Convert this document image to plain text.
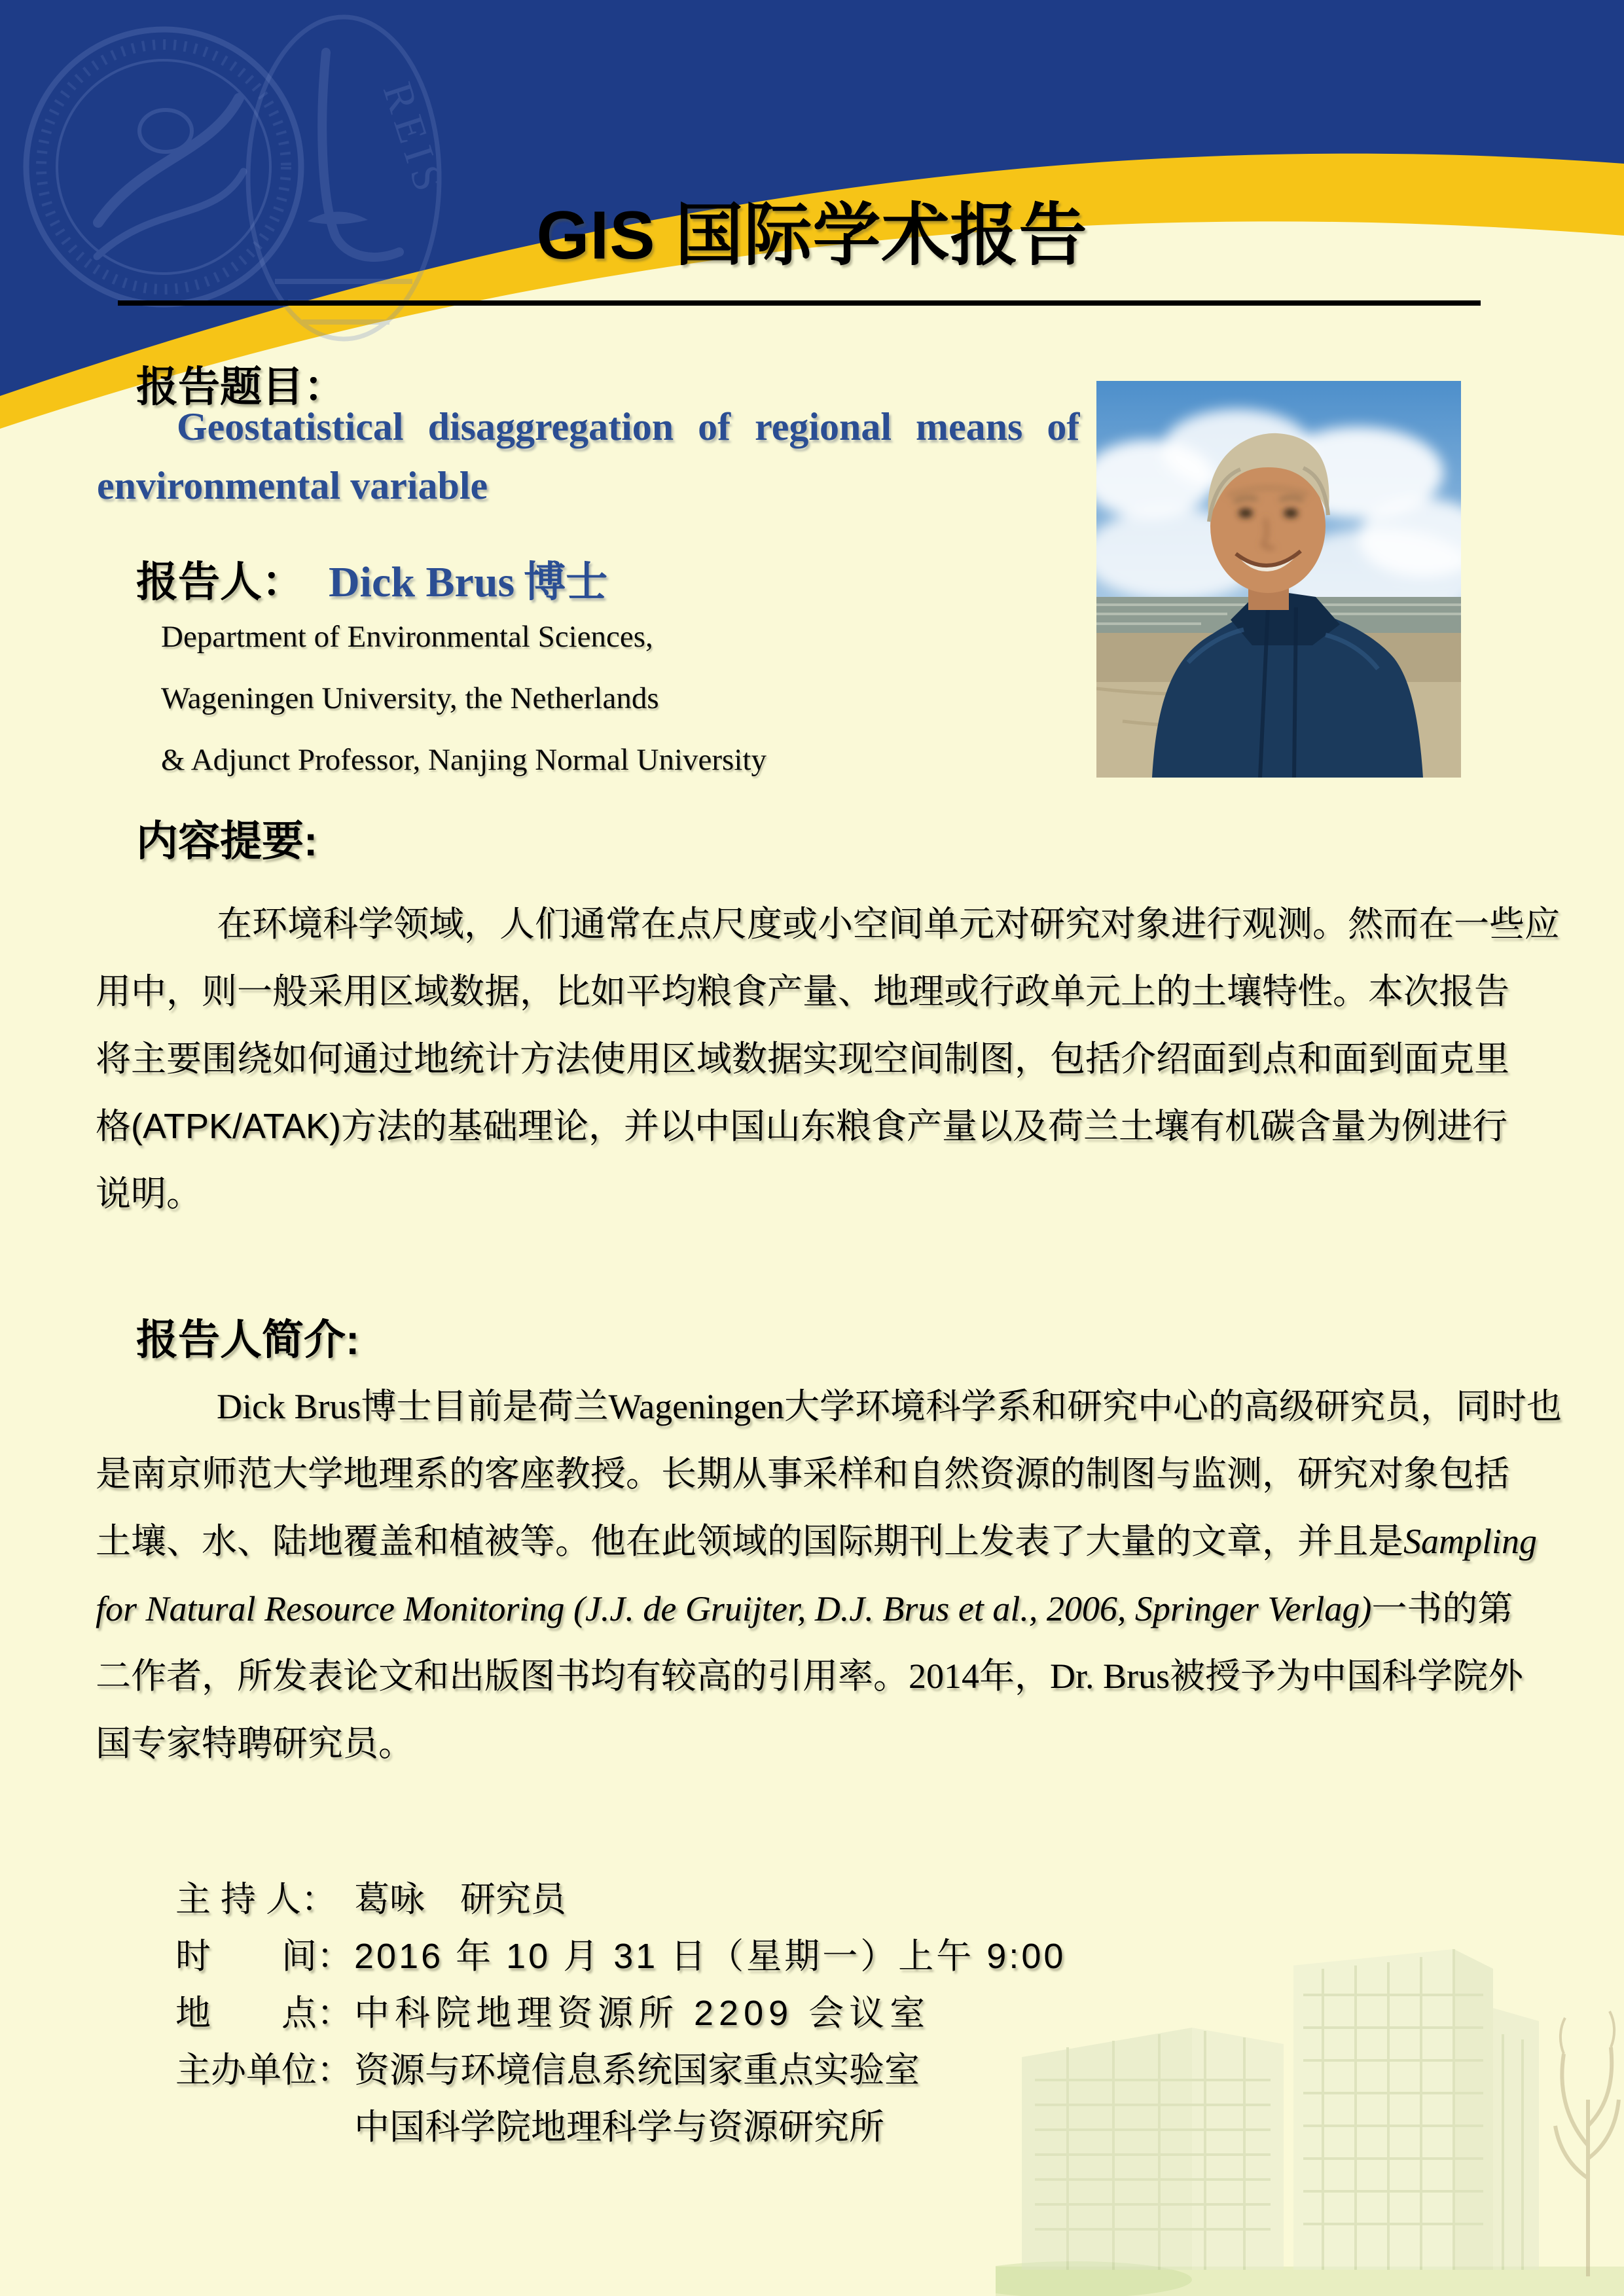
REIS
GIS 国际学术报告
报告题目：
Geostatistical disaggregation of regional means of
environmental variable
报告人： Dick Brus 博士
Department of Environmental Sciences,
Wageningen University, the Netherlands
& Adjunct Professor, Nanjing Normal University
内容提要:
在环境科学领域，人们通常在点尺度或小空间单元对研究对象进行观测。然而在一些应
用中，则一般采用区域数据，比如平均粮食产量、地理或行政单元上的土壤特性。本次报告
将主要围绕如何通过地统计方法使用区域数据实现空间制图，包括介绍面到点和面到面克里
格(ATPK/ATAK)方法的基础理论，并以中国山东粮食产量以及荷兰土壤有机碳含量为例进行
说明。
报告人简介:
Dick Brus博士目前是荷兰Wageningen大学环境科学系和研究中心的高级研究员，同时也
是南京师范大学地理系的客座教授。长期从事采样和自然资源的制图与监测，研究对象包括
土壤、水、陆地覆盖和植被等。他在此领域的国际期刊上发表了大量的文章，并且是Sampling
for Natural Resource Monitoring (J.J. de Gruijter, D.J. Brus et al., 2006, Springer Verlag)一书的第
二作者，所发表论文和出版图书均有较高的引用率。2014年，Dr. Brus被授予为中国科学院外
国专家特聘研究员。

主 持 人： 葛咏　研究员

时　　间：2016 年 10 月 31 日（星期一）上午 9:00

地　　点：中科院地理资源所 2209 会议室

主办单位：资源与环境信息系统国家重点实验室

中国科学院地理科学与资源研究所
